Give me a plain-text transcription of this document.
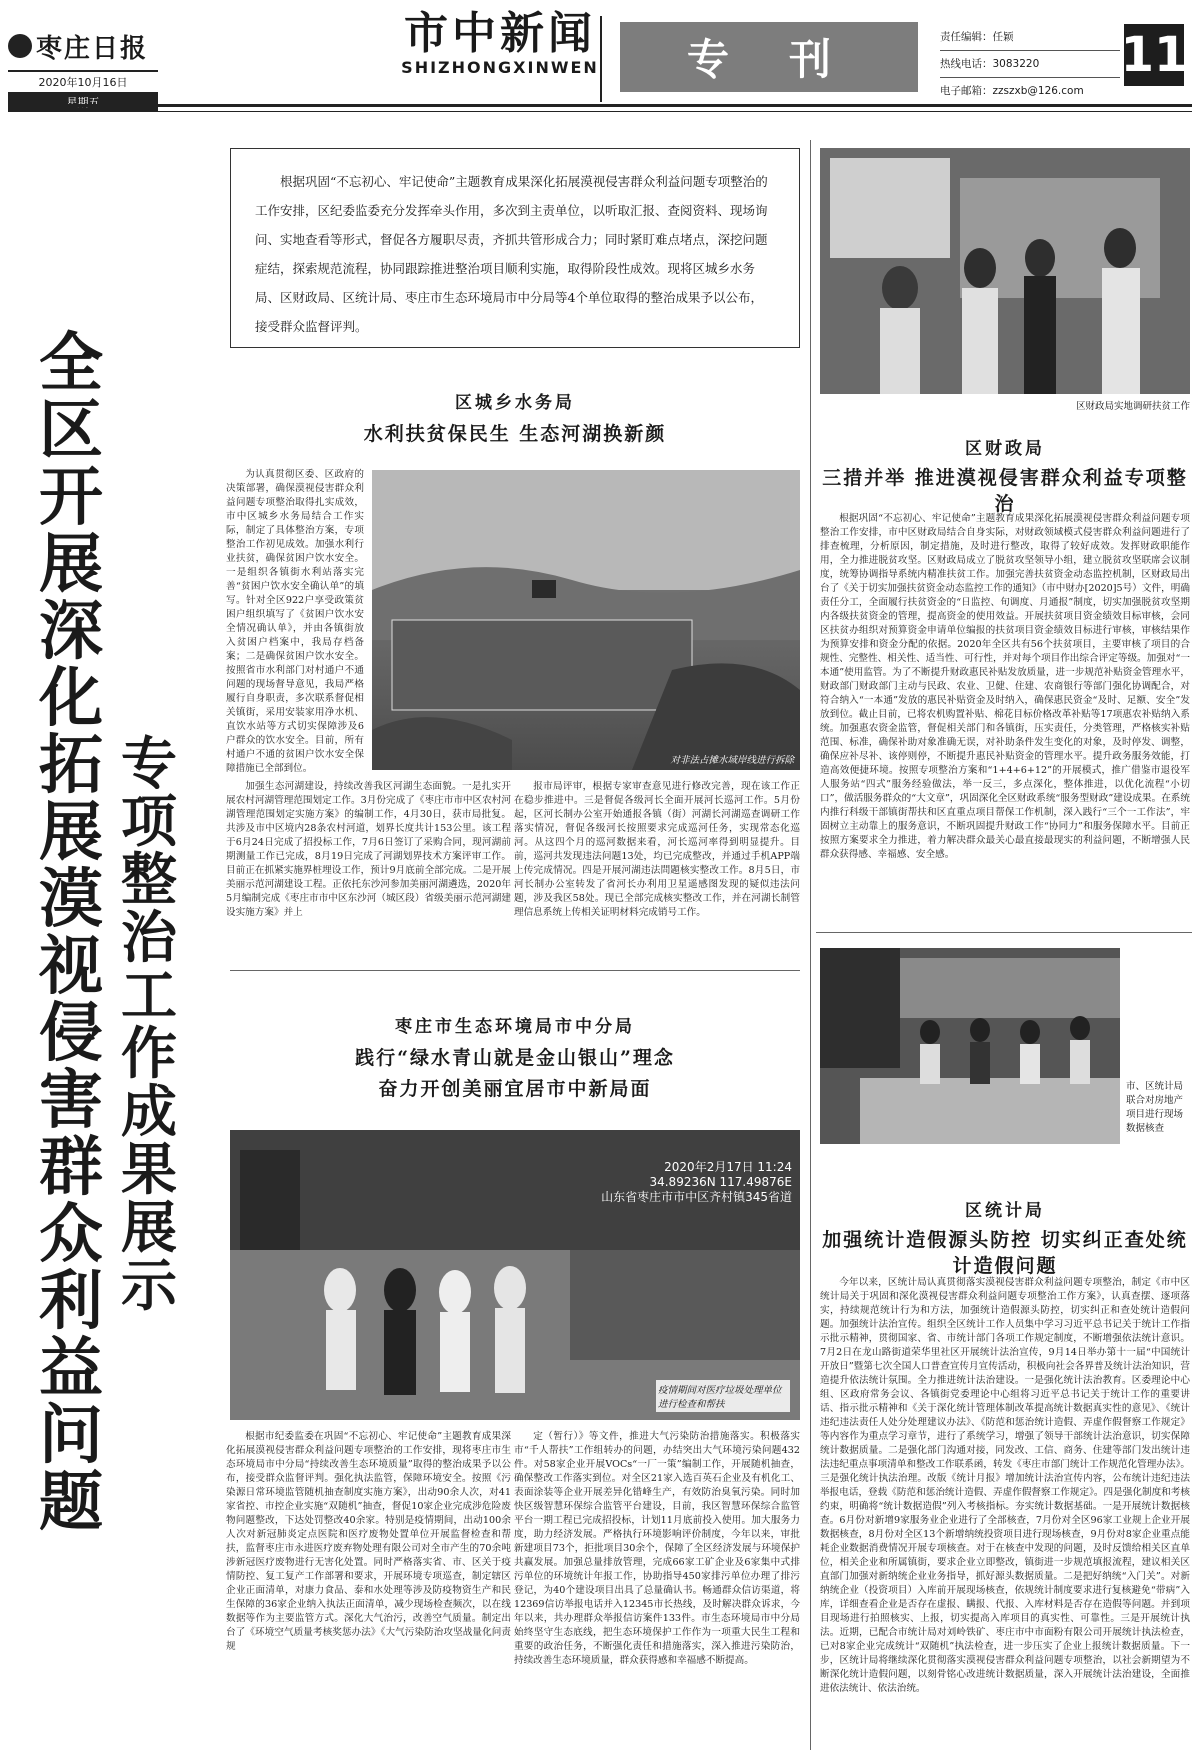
枣庄日报
2020年10月16日
星期五
市中新闻
SHIZHONGXINWEN	专刊	责任编辑：任颖
热线电话：3083220
电子邮箱：zzszxb@126.com
11
全区开展深化拓展漠视侵害群众利益问题
专项整治工作成果展示
根据巩固“不忘初心、牢记使命”主题教育成果深化拓展漠视侵害群众利益问题专项整治的工作安排，区纪委监委充分发挥牵头作用，多次到主责单位，以听取汇报、查阅资料、现场询问、实地查看等形式，督促各方履职尽责，齐抓共管形成合力；同时紧盯难点堵点，深挖问题症结，探索规范流程，协同跟踪推进整治项目顺利实施，取得阶段性成效。现将区城乡水务局、区财政局、区统计局、枣庄市生态环境局市中分局等4个单位取得的整治成果予以公布，接受群众监督评判。
区城乡水务局
水利扶贫保民生 生态河湖换新颜

为认真贯彻区委、区政府的决策部署，确保漠视侵害群众利益问题专项整治取得扎实成效，市中区城乡水务局结合工作实际，制定了具体整治方案，专项整治工作初见成效。加强水利行业扶贫，确保贫困户饮水安全。一是组织各镇街水利站落实完善“贫困户饮水安全确认单”的填写。针对全区922户享受政策贫困户组织填写了《贫困户饮水安全情况确认单》，并由各镇街放入贫困户档案中，我局存档备案；二是确保贫困户饮水安全。按照省市水利部门对村通户不通问题的现场督导意见，我局严格履行自身职责，多次联系督促相关镇街，采用安装家用净水机、直饮水站等方式切实保障涉及6户群众的饮水安全。目前，所有村通户不通的贫困户饮水安全保障措施已全部到位。

对非法占摊水域岸线进行拆除

加强生态河湖建设，持续改善我区河湖生态面貌。一是扎实开展农村河湖管理范围划定工作。3月份完成了《枣庄市市中区农村河湖管理范围划定实施方案》的编制工作，4月30日，获市局批复。共涉及市中区境内28条农村河道，划界长度共计153公里。该工程于6月24日完成了招投标工作，7月6日签订了采购合同，现河湖前期测量工作已完成，8月19日完成了河湖划界技术方案评审工作。目前正在抓紧实施界桩埋设工作，预计9月底前全部完成。二是开展美丽示范河湖建设工程。正依托东沙河参加美丽河湖遴选，2020年5月编制完成《枣庄市市中区东沙河（城区段）省级美丽示范河湖建设实施方案》并上

报市局评审，根据专家审查意见进行修改完善，现在该工作正在稳步推进中。三是督促各级河长全面开展河长巡河工作。5月份起，区河长制办公室开始通报各镇（街）河湖长河湖巡查调研工作落实情况，督促各级河长按照要求完成巡河任务，实现常态化巡河。从这四个月的巡河数据来看，河长巡河率得到明显提升。目前，巡河共发现违法问题13处，均已完成整改，并通过手机APP端上传完成情况。四是开展河湖违法問題核实整改工作。8月5日，市河长制办公室转发了省河长办利用卫星遥感图发现的疑似违法问题，涉及我区58处。现已全部完成核实整改工作，并在河湖长制管理信息系统上传相关证明材料完成销号工作。

枣庄市生态环境局市中分局
践行“绿水青山就是金山银山”理念
奋力开创美丽宜居市中新局面
2020年2月17日 11:24
34.89236N 117.49876E
山东省枣庄市市中区齐村镇345省道
疫情期间对医疗垃圾处理单位进行检查和帮扶

根据市纪委监委在巩固“不忘初心、牢记使命”主题教育成果深化拓展漠视侵害群众利益问题专项整治的工作安排，现将枣庄市生态环境局市中分局“持续改善生态环境质量”取得的整治成果予以公布，接受群众监督评判。强化执法监管，保障环境安全。按照《污染源日常环境监管随机抽查制度实施方案》，出动90余人次，对41家省控、市控企业实施“双随机”抽查，督促10家企业完成涉危险废物问题整改，下达处罚整改40余家。特别是疫情期间，出动100余人次对新冠肺炎定点医院和医疗废物处置单位开展监督检查和帮扶，监督枣庄市永进医疗废弃物处理有限公司对全市产生的70余吨涉新冠医疗废物进行无害化处置。同时严格落实省、市、区关于疫情防控、复工复产工作部署和要求，开展环境专项巡查，制定辖区企业正面清单，对康力食品、泰和水处理等涉及防疫物资生产和民生保障的36家企业纳入执法正面清单，减少现场检查频次，以在线数据等作为主要监管方式。深化大气治污，改善空气质量。制定出台了《环境空气质量考核奖惩办法》《大气污染防治攻坚战量化问责规

定（暂行）》等文件，推进大气污染防治措施落实。积极落实市“千人帮扶”工作组转办的问题，办结突出大气环境污染问题432件。对58家企业开展VOCs“一厂一策”编制工作，开展随机抽查，确保整改工作落实到位。对全区21家入选百英石企业及有机化工、表面涂装等企业开展差异化错峰生产，有效防治臭氧污染。同时加快区级智慧环保综合监管平台建设，目前，我区智慧环保综合监管平台一期工程已完成招投标，计划11月底前投入使用。加大服务力度，助力经济发展。严格执行环境影响评价制度，今年以来，审批新建项目73个，拒批项目30余个，保障了全区经济发展与环境保护共赢发展。加强总量排放管理，完成66家工矿企业及6家集中式排污单位的环境统计年报工作，协助指导450家排污单位办理了排污登记，为40个建设项目出具了总量确认书。畅通群众信访渠道，将12369信访举报电话并入12345市长热线，及时解决群众诉求，今年以来，共办理群众举报信访案件133件。市生态环境局市中分局始终坚守生态底线，把生态环境保护工作作为一项重大民生工程和重要的政治任务，不断强化责任和措施落实，深入推进污染防治，持续改善生态环境质量，群众获得感和幸福感不断提高。

区财政局实地调研扶贫工作
区财政局
三措并举 推进漠视侵害群众利益专项整治

根据巩固“不忘初心、牢记使命”主题教育成果深化拓展漠视侵害群众利益问题专项整治工作安排，市中区财政局结合自身实际，对财政领域模式侵害群众利益问题进行了排查梳理，分析原因，制定措施，及时进行整改，取得了较好成效。发挥财政职能作用，全力推进脱贫攻坚。区财政局成立了脱贫攻坚领导小组，建立脱贫攻坚联席会议制度，统筹协调指导系统内精准扶贫工作。加强完善扶贫资金动态监控机制，区财政局出台了《关于切实加强扶贫资金动态监控工作的通知》（市中财办[2020]5号）文件，明确责任分工，全面履行扶贫资金的“日监控、旬调度、月通报”制度，切实加强脱贫攻坚期内各级扶贫资金的管理，提高资金的使用效益。开展扶贫项目资金绩效目标审核，会同区扶贫办组织对预算资金申请单位编报的扶贫项目资金绩效目标进行审核，审核结果作为预算安排和资金分配的依据。2020年全区共有56个扶贫项目，主要审核了项目的合规性、完整性、相关性、适当性、可行性，并对每个项目作出综合评定等级。加强对“一本通”使用监管。为了不断提升财政惠民补贴发放质量，进一步规范补贴资金管理水平，财政部门财政部门主动与民政、农业、卫健、住建、农商银行等部门强化协调配合，对符合纳入“一本通”发放的惠民补贴资金及时纳入，确保惠民资金“及时、足额、安全”发放到位。截止目前，已将农机购置补贴、棉花目标价格改革补贴等17项惠农补贴纳入系统。加强惠农资金监管，督促相关部门和各镇街，压实责任，分类管理，严格核实补贴范围、标准，确保补助对象准确无误，对补助条件发生变化的对象，及时停发、调整，确保应补尽补、该停则停，不断提升惠民补贴资金的管理水平。提升政务服务效能，打造高效便捷环境。按照专项整治方案和“1+4+6+12”的开展模式，推广借鉴市退役军人服务站“四式”服务经验做法，举一反三，多点深化，整体推进，以优化流程“小切口”，做活服务群众的“大文章”，巩固深化全区财政系统“服务型财政”建设成果。在系统内推行科级干部镇街帮扶和区直重点项目帮保工作机制，深入践行“三个一工作法”，牢固树立主动靠上的服务意识，不断巩固提升财政工作“协同力”和服务保障水平。目前正按照方案要求全力推进，着力解决群众最关心最直接最现实的利益问题，不断增强人民群众获得感、幸福感、安全感。

市、区统计局联合对房地产项目进行现场数据核查
区统计局
加强统计造假源头防控 切实纠正查处统计造假问题

今年以来，区统计局认真贯彻落实漠视侵害群众利益问题专项整治，制定《市中区统计局关于巩固和深化漠视侵害群众利益问题专项整治工作方案》，认真查摆、逐项落实，持续规范统计行为和方法，加强统计造假源头防控，切实纠正和查处统计造假问题。加强统计法治宣传。组织全区统计工作人员集中学习习近平总书记关于统计工作指示批示精神，贯彻国家、省、市统计部门各项工作规定制度，不断增强依法统计意识。7月2日在龙山路街道荣华里社区开展统计法治宣传，9月14日举办第十一届“中国统计开放日”暨第七次全国人口普查宣传月宣传活动，积极向社会各界普及统计法治知识，营造提升依法统计氛围。全力推进统计法治建设。一是强化统计法治教育。区委理论中心组、区政府常务会议、各镇街党委理论中心组将习近平总书记关于统计工作的重要讲话、指示批示精神和《关于深化统计管理体制改革提高统计数据真实性的意见》、《统计违纪违法责任人处分处理建议办法》、《防范和惩治统计造假、弄虚作假督察工作规定》等内容作为重点学习章节，进行了系统学习，增强了领导干部统计法治意识，切实保障统计数据质量。二是强化部门沟通对接，同发改、工信、商务、住建等部门发出统计违法违纪重点事项清单和整改工作联系函，转发《枣庄市部门统计工作规范化管理办法》。三是强化统计执法治理。改版《统计月报》增加统计法治宣传内容，公布统计违纪违法举报电话，登载《防范和惩治统计造假、弄虚作假督察工作规定》。四是强化制度和考核约束，明确将“统计数据造假”列入考核指标。夯实统计数据基础。一是开展统计数据核查。6月份对新增9家服务业企业进行了全部核查，7月份对全区96家工业规上企业开展数据核查，8月份对全区13个新增纳统投资项目进行现场核查，9月份对8家企业重点能耗企业数据消费情况开展专项核查。对于在核查中发现的问题，及时反馈给相关区直单位，相关企业和所属镇街，要求企业立即整改，镇街进一步规范填报流程，建议相关区直部门加强对新纳统企业业务指导，抓好源头数据质量。二是把好纳统“入门关”。对新纳统企业（投资项目）入库前开展现场核查，依规统计制度要求进行复核避免“带病”入库，详细查看企业是否存在虚报、瞒报、代报、入库材料是否存在造假等问题。并到项目现场进行拍照核实、上报，切实提高入库项目的真实性、可靠性。三是开展统计执法。近期，已配合市统计局对刘岭铁矿、枣庄市中市面粉有限公司开展统计执法检查，已对8家企业完成统计“双随机”执法检查，进一步压实了企业上报统计数据质量。下一步，区统计局将继续深化贯彻落实漠视侵害群众利益问题专项整治，以社会新期望为不断深化统计造假问题，以刻骨铭心改进统计数据质量，深入开展统计法治建设，全面推进依法统计、依法治统。
